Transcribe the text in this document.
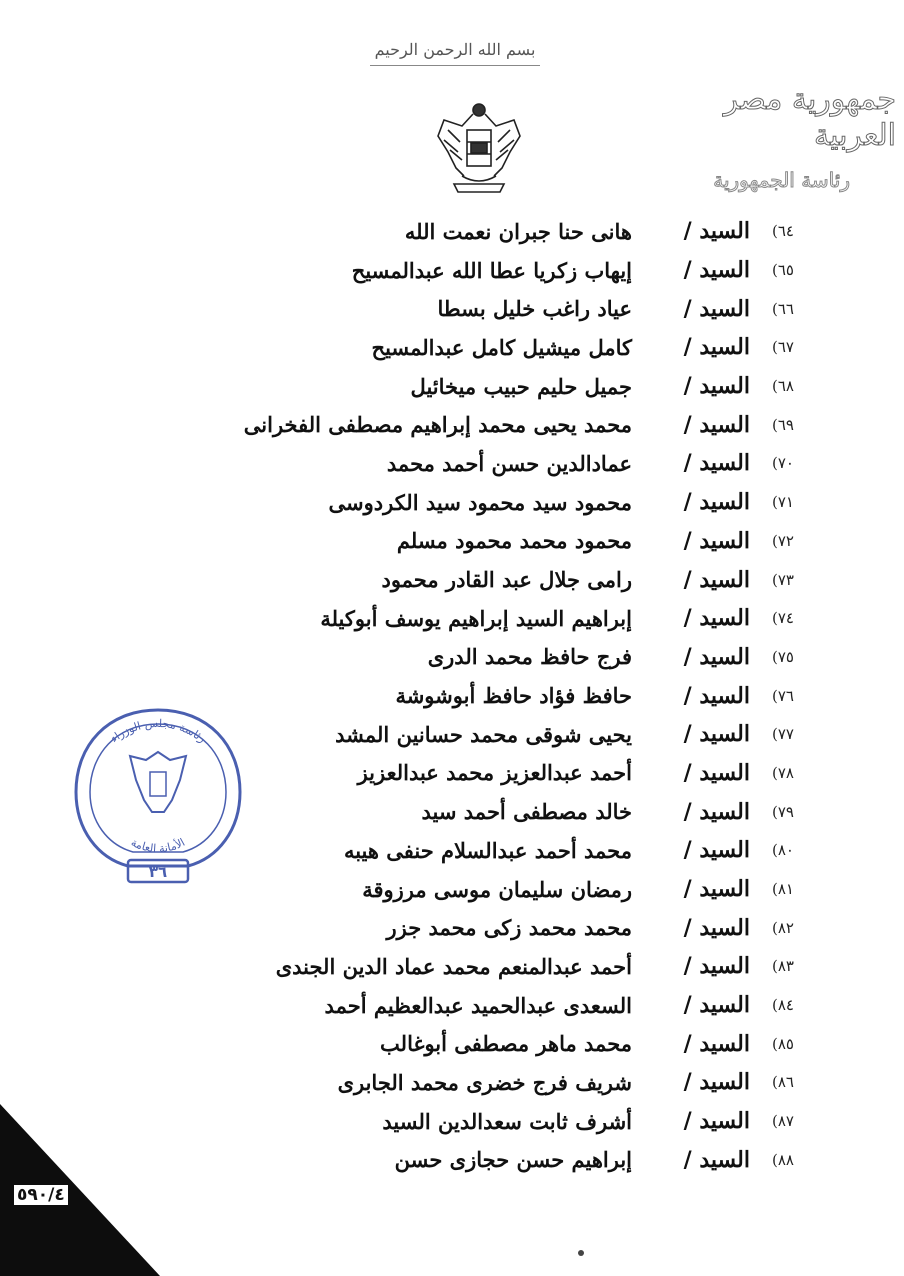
بسم الله الرحمن الرحيم
جمهورية مصر العربية
رئاسة الجمهورية
٦٤)
السيد /
هانى حنا جبران نعمت الله
٦٥)
السيد /
إيهاب زكريا عطا الله عبدالمسيح
٦٦)
السيد /
عياد راغب خليل بسطا
٦٧)
السيد /
كامل ميشيل كامل عبدالمسيح
٦٨)
السيد /
جميل حليم حبيب ميخائيل
٦٩)
السيد /
محمد يحيى محمد إبراهيم مصطفى الفخرانى
٧٠)
السيد /
عمادالدين حسن أحمد محمد
٧١)
السيد /
محمود سيد محمود سيد الكردوسى
٧٢)
السيد /
محمود محمد محمود مسلم
٧٣)
السيد /
رامى جلال عبد القادر محمود
٧٤)
السيد /
إبراهيم السيد إبراهيم يوسف أبوكيلة
٧٥)
السيد /
فرج حافظ محمد الدرى
٧٦)
السيد /
حافظ فؤاد حافظ أبوشوشة
٧٧)
السيد /
يحيى شوقى محمد حسانين المشد
٧٨)
السيد /
أحمد عبدالعزيز محمد عبدالعزيز
٧٩)
السيد /
خالد مصطفى أحمد سيد
٨٠)
السيد /
محمد أحمد عبدالسلام حنفى هيبه
٨١)
السيد /
رمضان سليمان موسى مرزوقة
٨٢)
السيد /
محمد محمد زكى محمد جزر
٨٣)
السيد /
أحمد عبدالمنعم محمد عماد الدين الجندى
٨٤)
السيد /
السعدى عبدالحميد عبدالعظيم أحمد
٨٥)
السيد /
محمد ماهر مصطفى أبوغالب
٨٦)
السيد /
شريف فرج خضرى محمد الجابرى
٨٧)
السيد /
أشرف ثابت سعدالدين السيد
٨٨)
السيد /
إبراهيم حسن حجازى حسن
رئاسة مجلس الوزراء
الأمانة العامة
٣٦
٥٩٠/٤
